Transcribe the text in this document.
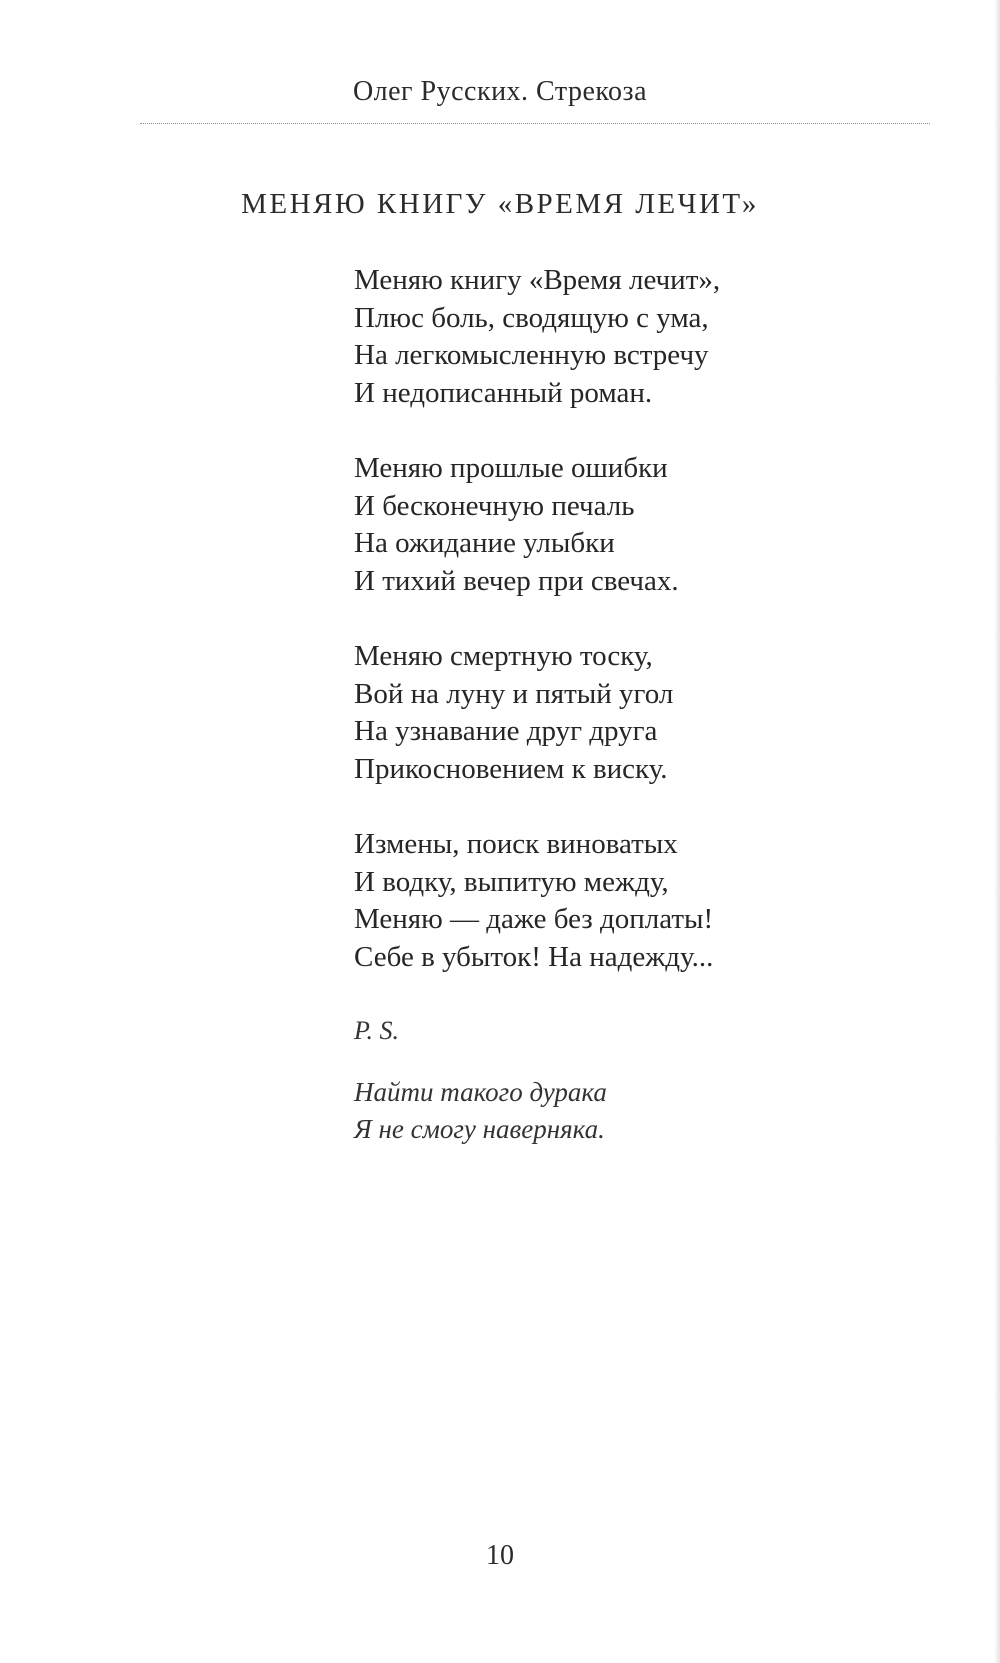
Олег Русских. Стрекоза
МЕНЯЮ КНИГУ «ВРЕМЯ ЛЕЧИТ»
Меняю книгу «Время лечит»,
Плюс боль, сводящую с ума,
На легкомысленную встречу
И недописанный роман.
Меняю прошлые ошибки
И бесконечную печаль
На ожидание улыбки
И тихий вечер при свечах.
Меняю смертную тоску,
Вой на луну и пятый угол
На узнавание друг друга
Прикосновением к виску.
Измены, поиск виноватых
И водку, выпитую между,
Меняю — даже без доплаты!
Себе в убыток! На надежду...
P. S.
Найти такого дурака
Я не смогу наверняка.
10
